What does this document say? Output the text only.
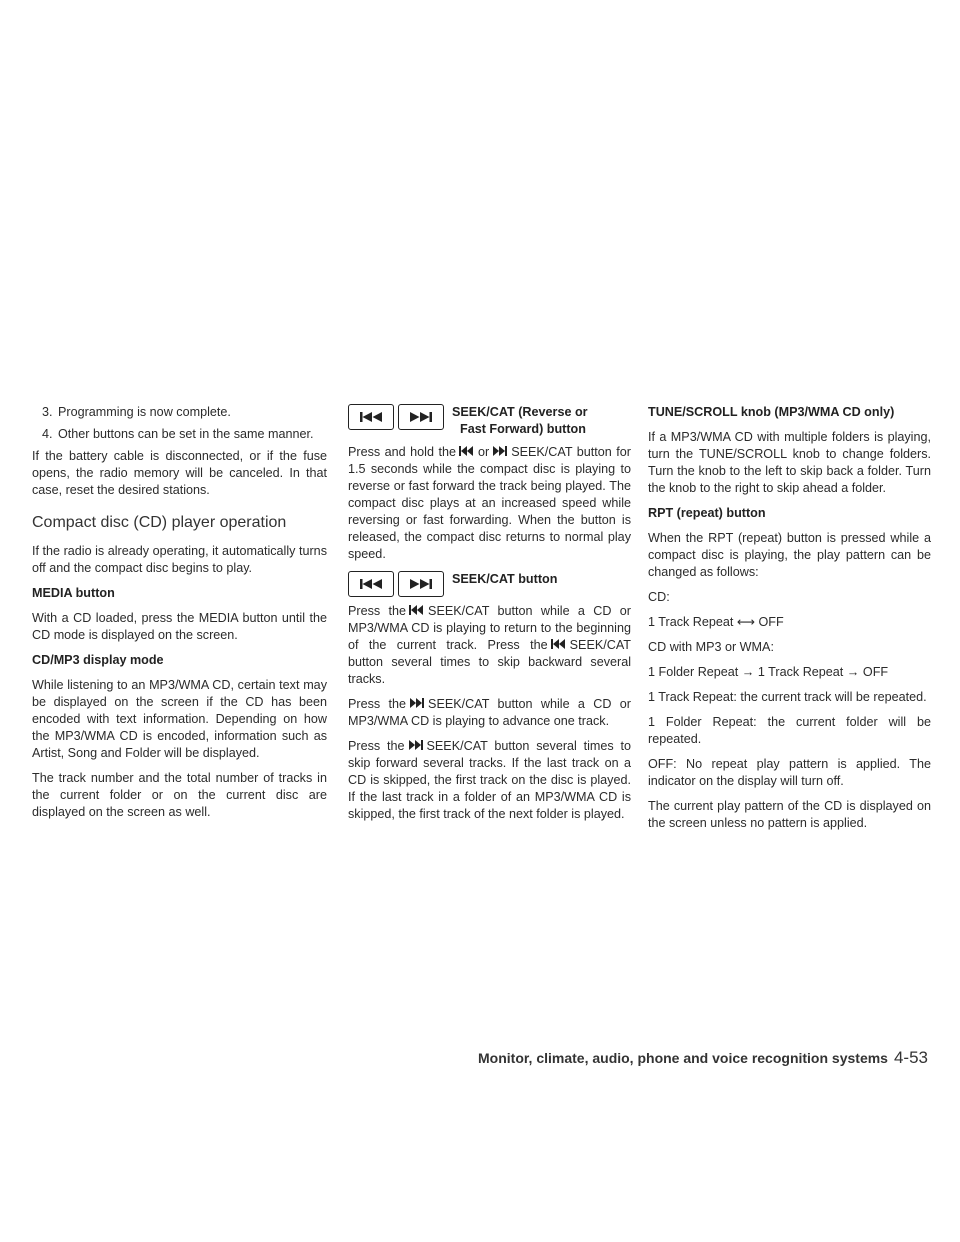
3. Programming is now complete.
4. Other buttons can be set in the same manner.

If the battery cable is disconnected, or if the fuse opens, the radio memory will be canceled. In that case, reset the desired stations.

Compact disc (CD) player operation

If the radio is already operating, it automatically turns off and the compact disc begins to play.

MEDIA button

With a CD loaded, press the MEDIA button until the CD mode is displayed on the screen.

CD/MP3 display mode

While listening to an MP3/WMA CD, certain text may be displayed on the screen if the CD has been encoded with text information. Depending on how the MP3/WMA CD is encoded, information such as Artist, Song and Folder will be displayed.

The track number and the total number of tracks in the current folder or on the current disc are displayed on the screen as well.

SEEK/CAT (Reverse or
Fast Forward) button

Press and hold the or SEEK/CAT button for 1.5 seconds while the compact disc is playing to reverse or fast forward the track being played. The compact disc plays at an increased speed while reversing or fast forwarding. When the button is released, the compact disc returns to normal play speed.

SEEK/CAT button

Press the SEEK/CAT button while a CD or MP3/WMA CD is playing to return to the beginning of the current track. Press the SEEK/CAT button several times to skip backward several tracks.

Press the SEEK/CAT button while a CD or MP3/WMA CD is playing to advance one track.

Press the SEEK/CAT button several times to skip forward several tracks. If the last track on a CD is skipped, the first track on the disc is played. If the last track in a folder of an MP3/WMA CD is skipped, the first track of the next folder is played.

TUNE/SCROLL knob (MP3/WMA CD only)

If a MP3/WMA CD with multiple folders is playing, turn the TUNE/SCROLL knob to change folders. Turn the knob to the left to skip back a folder. Turn the knob to the right to skip ahead a folder.

RPT (repeat) button

When the RPT (repeat) button is pressed while a compact disc is playing, the play pattern can be changed as follows:

CD:

1 Track Repeat ⟷ OFF

CD with MP3 or WMA:

1 Folder Repeat → 1 Track Repeat → OFF

1 Track Repeat: the current track will be repeated.

1 Folder Repeat: the current folder will be repeated.

OFF: No repeat play pattern is applied. The indicator on the display will turn off.

The current play pattern of the CD is displayed on the screen unless no pattern is applied.

Monitor, climate, audio, phone and voice recognition systems 4-53
